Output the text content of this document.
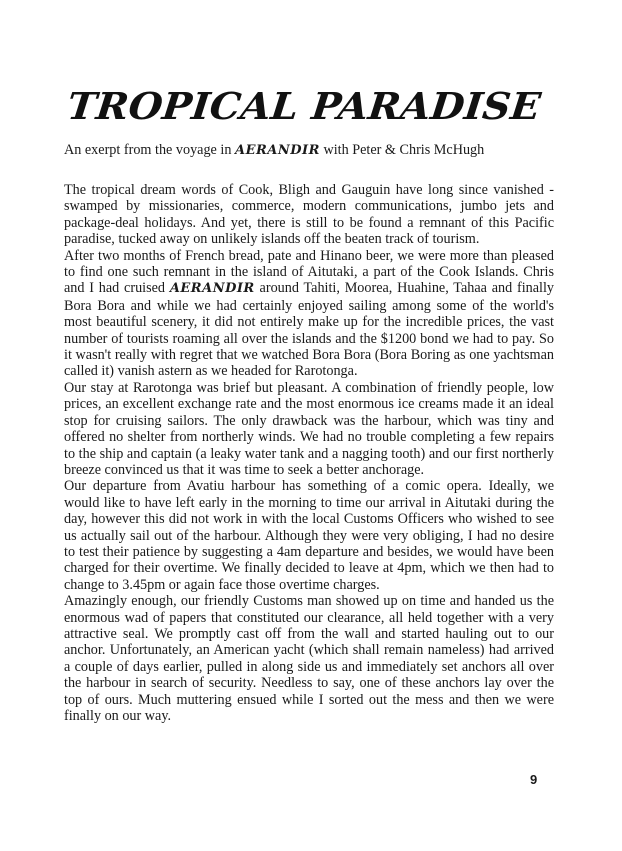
TROPICAL PARADISE
An exerpt from the voyage in AERANDIR with Peter & Chris McHugh

The tropical dream words of Cook, Bligh and Gauguin have long since vanished - swamped by missionaries, commerce, modern communications, jumbo jets and package-deal holidays. And yet, there is still to be found a remnant of this Pacific paradise, tucked away on unlikely islands off the beaten track of tourism.

After two months of French bread, pate and Hinano beer, we were more than pleased to find one such remnant in the island of Aitutaki, a part of the Cook Islands. Chris and I had cruised AERANDIR around Tahiti, Moorea, Huahine, Tahaa and finally Bora Bora and while we had certainly enjoyed sailing among some of the world's most beautiful scenery, it did not entirely make up for the incredible prices, the vast number of tourists roaming all over the islands and the $1200 bond we had to pay. So it wasn't really with regret that we watched Bora Bora (Bora Boring as one yachtsman called it) vanish astern as we headed for Rarotonga.

Our stay at Rarotonga was brief but pleasant. A combination of friendly people, low prices, an excellent exchange rate and the most enormous ice creams made it an ideal stop for cruising sailors. The only drawback was the harbour, which was tiny and offered no shelter from northerly winds. We had no trouble completing a few repairs to the ship and captain (a leaky water tank and a nagging tooth) and our first northerly breeze convinced us that it was time to seek a better anchorage.

Our departure from Avatiu harbour has something of a comic opera. Ideally, we would like to have left early in the morning to time our arrival in Aitutaki during the day, however this did not work in with the local Customs Officers who wished to see us actually sail out of the harbour. Although they were very obliging, I had no desire to test their patience by suggesting a 4am departure and besides, we would have been charged for their overtime. We finally decided to leave at 4pm, which we then had to change to 3.45pm or again face those overtime charges.

Amazingly enough, our friendly Customs man showed up on time and handed us the enormous wad of papers that constituted our clearance, all held together with a very attractive seal. We promptly cast off from the wall and started hauling out to our anchor. Unfortunately, an American yacht (which shall remain nameless) had arrived a couple of days earlier, pulled in along side us and immediately set anchors all over the harbour in search of security. Needless to say, one of these anchors lay over the top of ours. Much muttering ensued while I sorted out the mess and then we were finally on our way.

9
